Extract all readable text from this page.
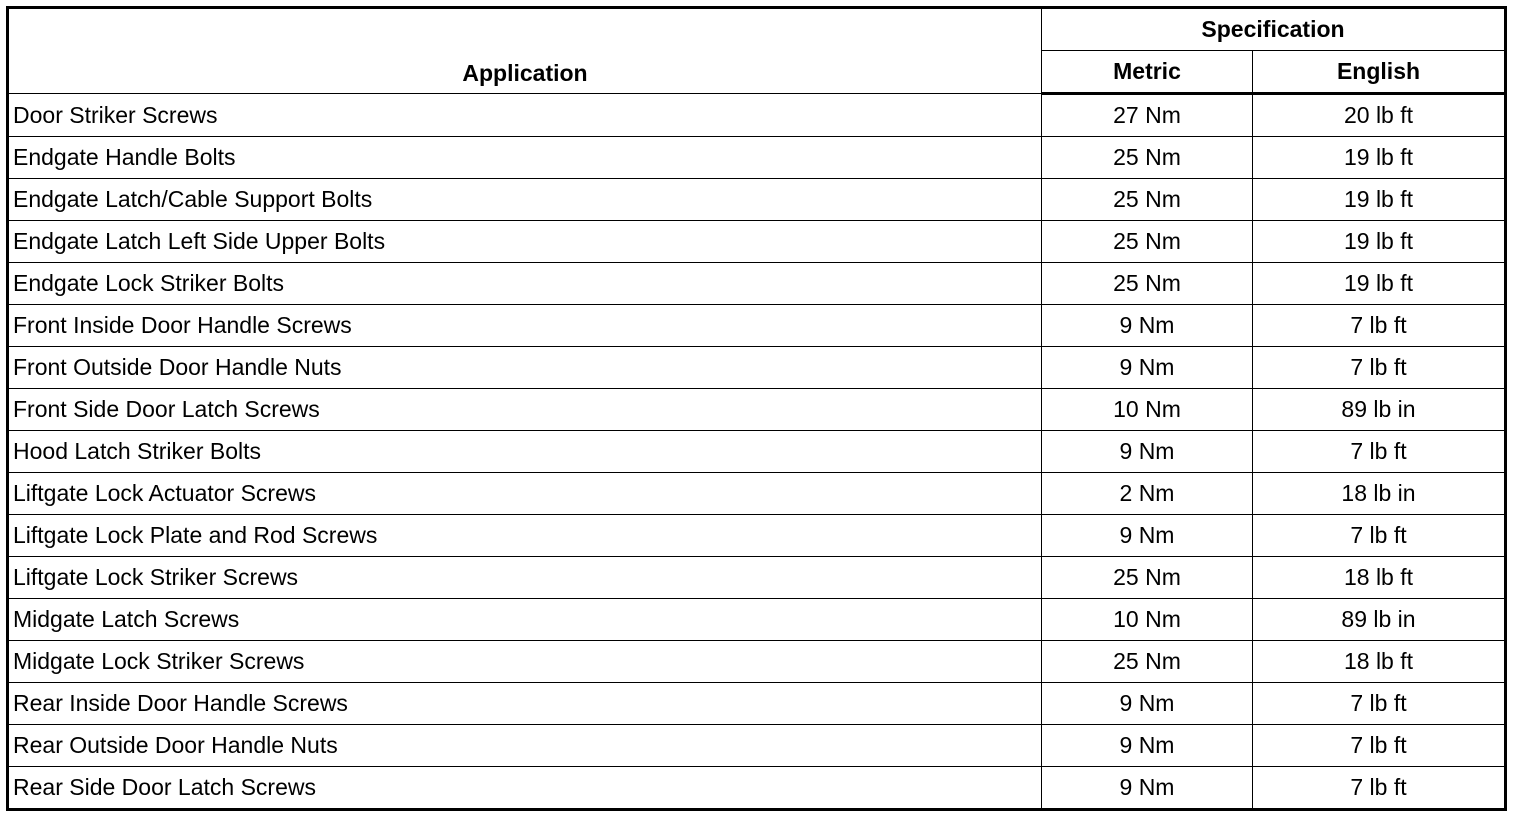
Application	Specification	
	Metric	English
Door Striker Screws	27 Nm	20 lb ft
Endgate Handle Bolts	25 Nm	19 lb ft
Endgate Latch/Cable Support Bolts	25 Nm	19 lb ft
Endgate Latch Left Side Upper Bolts	25 Nm	19 lb ft
Endgate Lock Striker Bolts	25 Nm	19 lb ft
Front Inside Door Handle Screws	9 Nm	7 lb ft
Front Outside Door Handle Nuts	9 Nm	7 lb ft
Front Side Door Latch Screws	10 Nm	89 lb in
Hood Latch Striker Bolts	9 Nm	7 lb ft
Liftgate Lock Actuator Screws	2 Nm	18 lb in
Liftgate Lock Plate and Rod Screws	9 Nm	7 lb ft
Liftgate Lock Striker Screws	25 Nm	18 lb ft
Midgate Latch Screws	10 Nm	89 lb in
Midgate Lock Striker Screws	25 Nm	18 lb ft
Rear Inside Door Handle Screws	9 Nm	7 lb ft
Rear Outside Door Handle Nuts	9 Nm	7 lb ft
Rear Side Door Latch Screws	9 Nm	7 lb ft
